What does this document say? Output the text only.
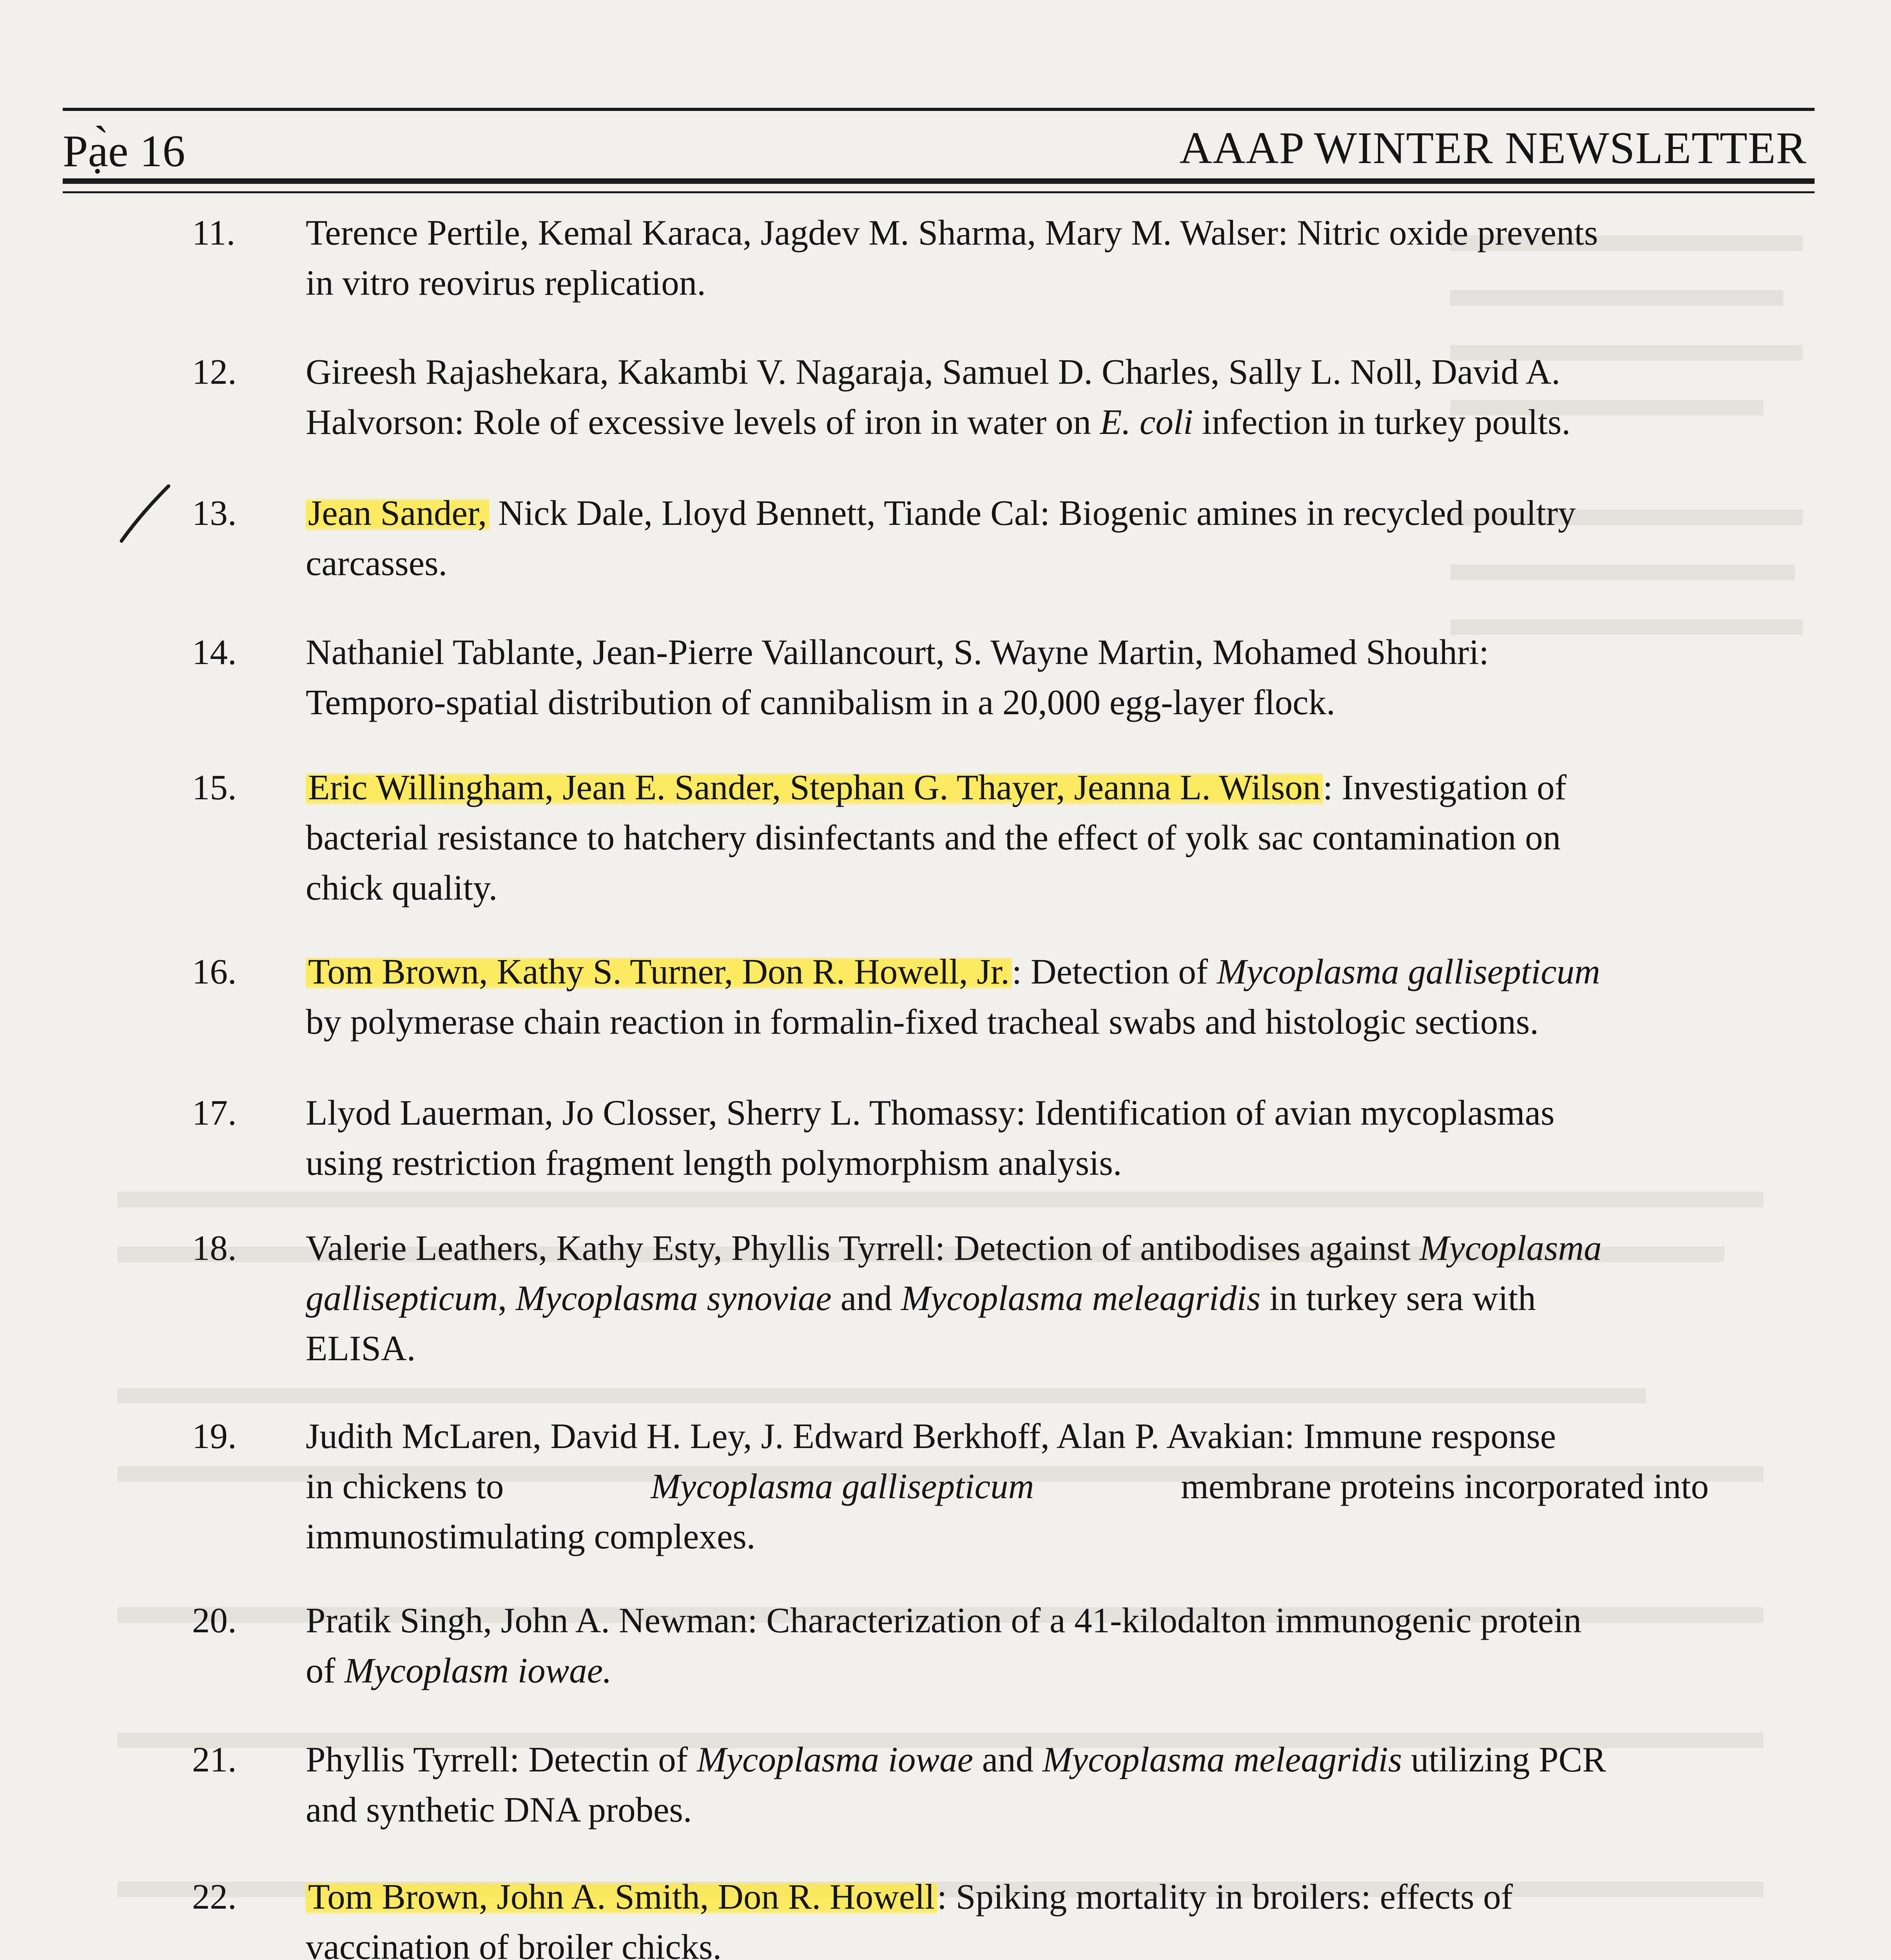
Pạ̀e 16	AAAP WINTER NEWSLETTER
11. Terence Pertile, Kemal Karaca, Jagdev M. Sharma, Mary M. Walser: Nitric oxide prevents
in vitro reovirus replication.
12. Gireesh Rajashekara, Kakambi V. Nagaraja, Samuel D. Charles, Sally L. Noll, David A.
Halvorson: Role of excessive levels of iron in water on E. coli infection in turkey poults.
13. Jean Sander, Nick Dale, Lloyd Bennett, Tiande Cal: Biogenic amines in recycled poultry
carcasses.
14. Nathaniel Tablante, Jean-Pierre Vaillancourt, S. Wayne Martin, Mohamed Shouhri:
Temporo-spatial distribution of cannibalism in a 20,000 egg-layer flock.
15. Eric Willingham, Jean E. Sander, Stephan G. Thayer, Jeanna L. Wilson: Investigation of
bacterial resistance to hatchery disinfectants and the effect of yolk sac contamination on
chick quality.
16. Tom Brown, Kathy S. Turner, Don R. Howell, Jr.: Detection of Mycoplasma gallisepticum
by polymerase chain reaction in formalin-fixed tracheal swabs and histologic sections.
17. Llyod Lauerman, Jo Closser, Sherry L. Thomassy: Identification of avian mycoplasmas
using restriction fragment length polymorphism analysis.
18. Valerie Leathers, Kathy Esty, Phyllis Tyrrell: Detection of antibodises against Mycoplasma
gallisepticum, Mycoplasma synoviae and Mycoplasma meleagridis in turkey sera with
ELISA.
19. Judith McLaren, David H. Ley, J. Edward Berkhoff, Alan P. Avakian: Immune response
in chickens to	Mycoplasma gallisepticum	membrane proteins incorporated into
immunostimulating complexes.
20. Pratik Singh, John A. Newman: Characterization of a 41-kilodalton immunogenic protein
of Mycoplasm iowae.
21. Phyllis Tyrrell: Detectin of Mycoplasma iowae and Mycoplasma meleagridis utilizing PCR
and synthetic DNA probes.
22. Tom Brown, John A. Smith, Don R. Howell: Spiking mortality in broilers: effects of
vaccination of broiler chicks.
